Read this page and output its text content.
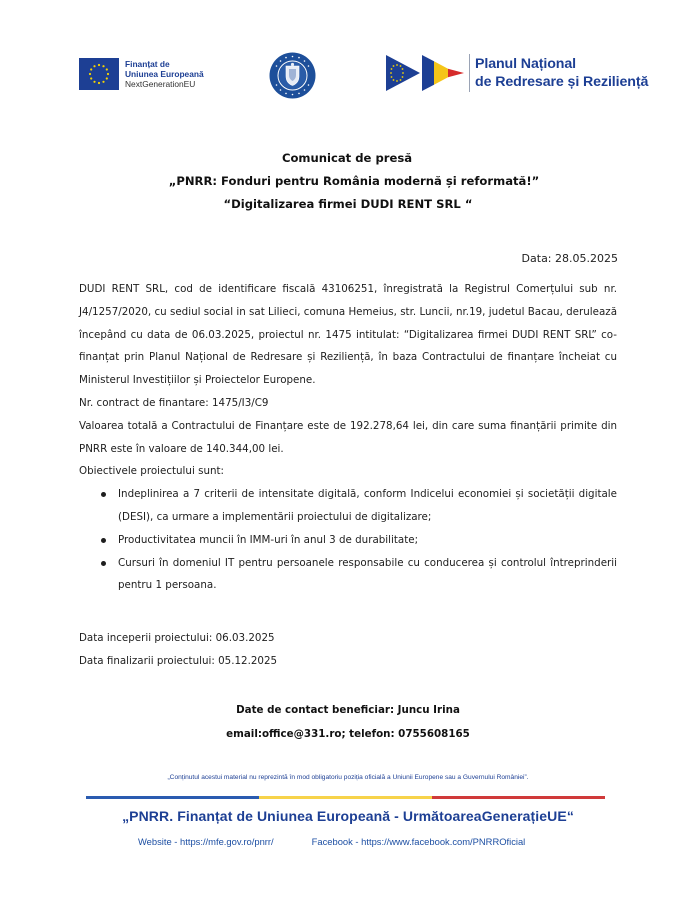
Finanțat de
Uniunea Europeană
NextGenerationEU
Planul Național
de Redresare și Reziliență
Comunicat de presă
„PNRR: Fonduri pentru România modernă și reformată!”
“Digitalizarea firmei DUDI RENT SRL “
Data: 28.05.2025
DUDI RENT SRL, cod de identificare fiscală 43106251, înregistrată la Registrul Comerțului sub nr.
J4/1257/2020, cu sediul social in sat Lilieci, comuna Hemeius, str. Luncii, nr.19, judetul Bacau, derulează
începând cu data de 06.03.2025, proiectul nr. 1475 intitulat: “Digitalizarea firmei DUDI RENT SRL” co-
finanțat prin Planul Național de Redresare și Reziliență, în baza Contractului de finanțare încheiat cu
Ministerul Investițiilor și Proiectelor Europene.
Nr. contract de finantare: 1475/I3/C9
Valoarea totală a Contractului de Finanțare este de 192.278,64 lei, din care suma finanțării primite din
PNRR este în valoare de 140.344,00 lei.
Obiectivele proiectului sunt:
Indeplinirea a 7 criterii de intensitate digitală, conform Indicelui economiei și societății digitale
(DESI), ca urmare a implementării proiectului de digitalizare;
Productivitatea muncii în IMM-uri în anul 3 de durabilitate;
Cursuri în domeniul IT pentru persoanele responsabile cu conducerea și controlul întreprinderii
pentru 1 persoana.
Data inceperii proiectului: 06.03.2025
Data finalizarii proiectului: 05.12.2025
Date de contact beneficiar: Juncu Irina
email:office@331.ro; telefon: 0755608165
„Conținutul acestui material nu reprezintă în mod obligatoriu poziția oficială a Uniunii Europene sau a Guvernului României”.
„PNRR. Finanțat de Uniunea Europeană - UrmătoareaGenerațieUE“
Website - https://mfe.gov.ro/pnrr/	Facebook - https://www.facebook.com/PNRROficial
